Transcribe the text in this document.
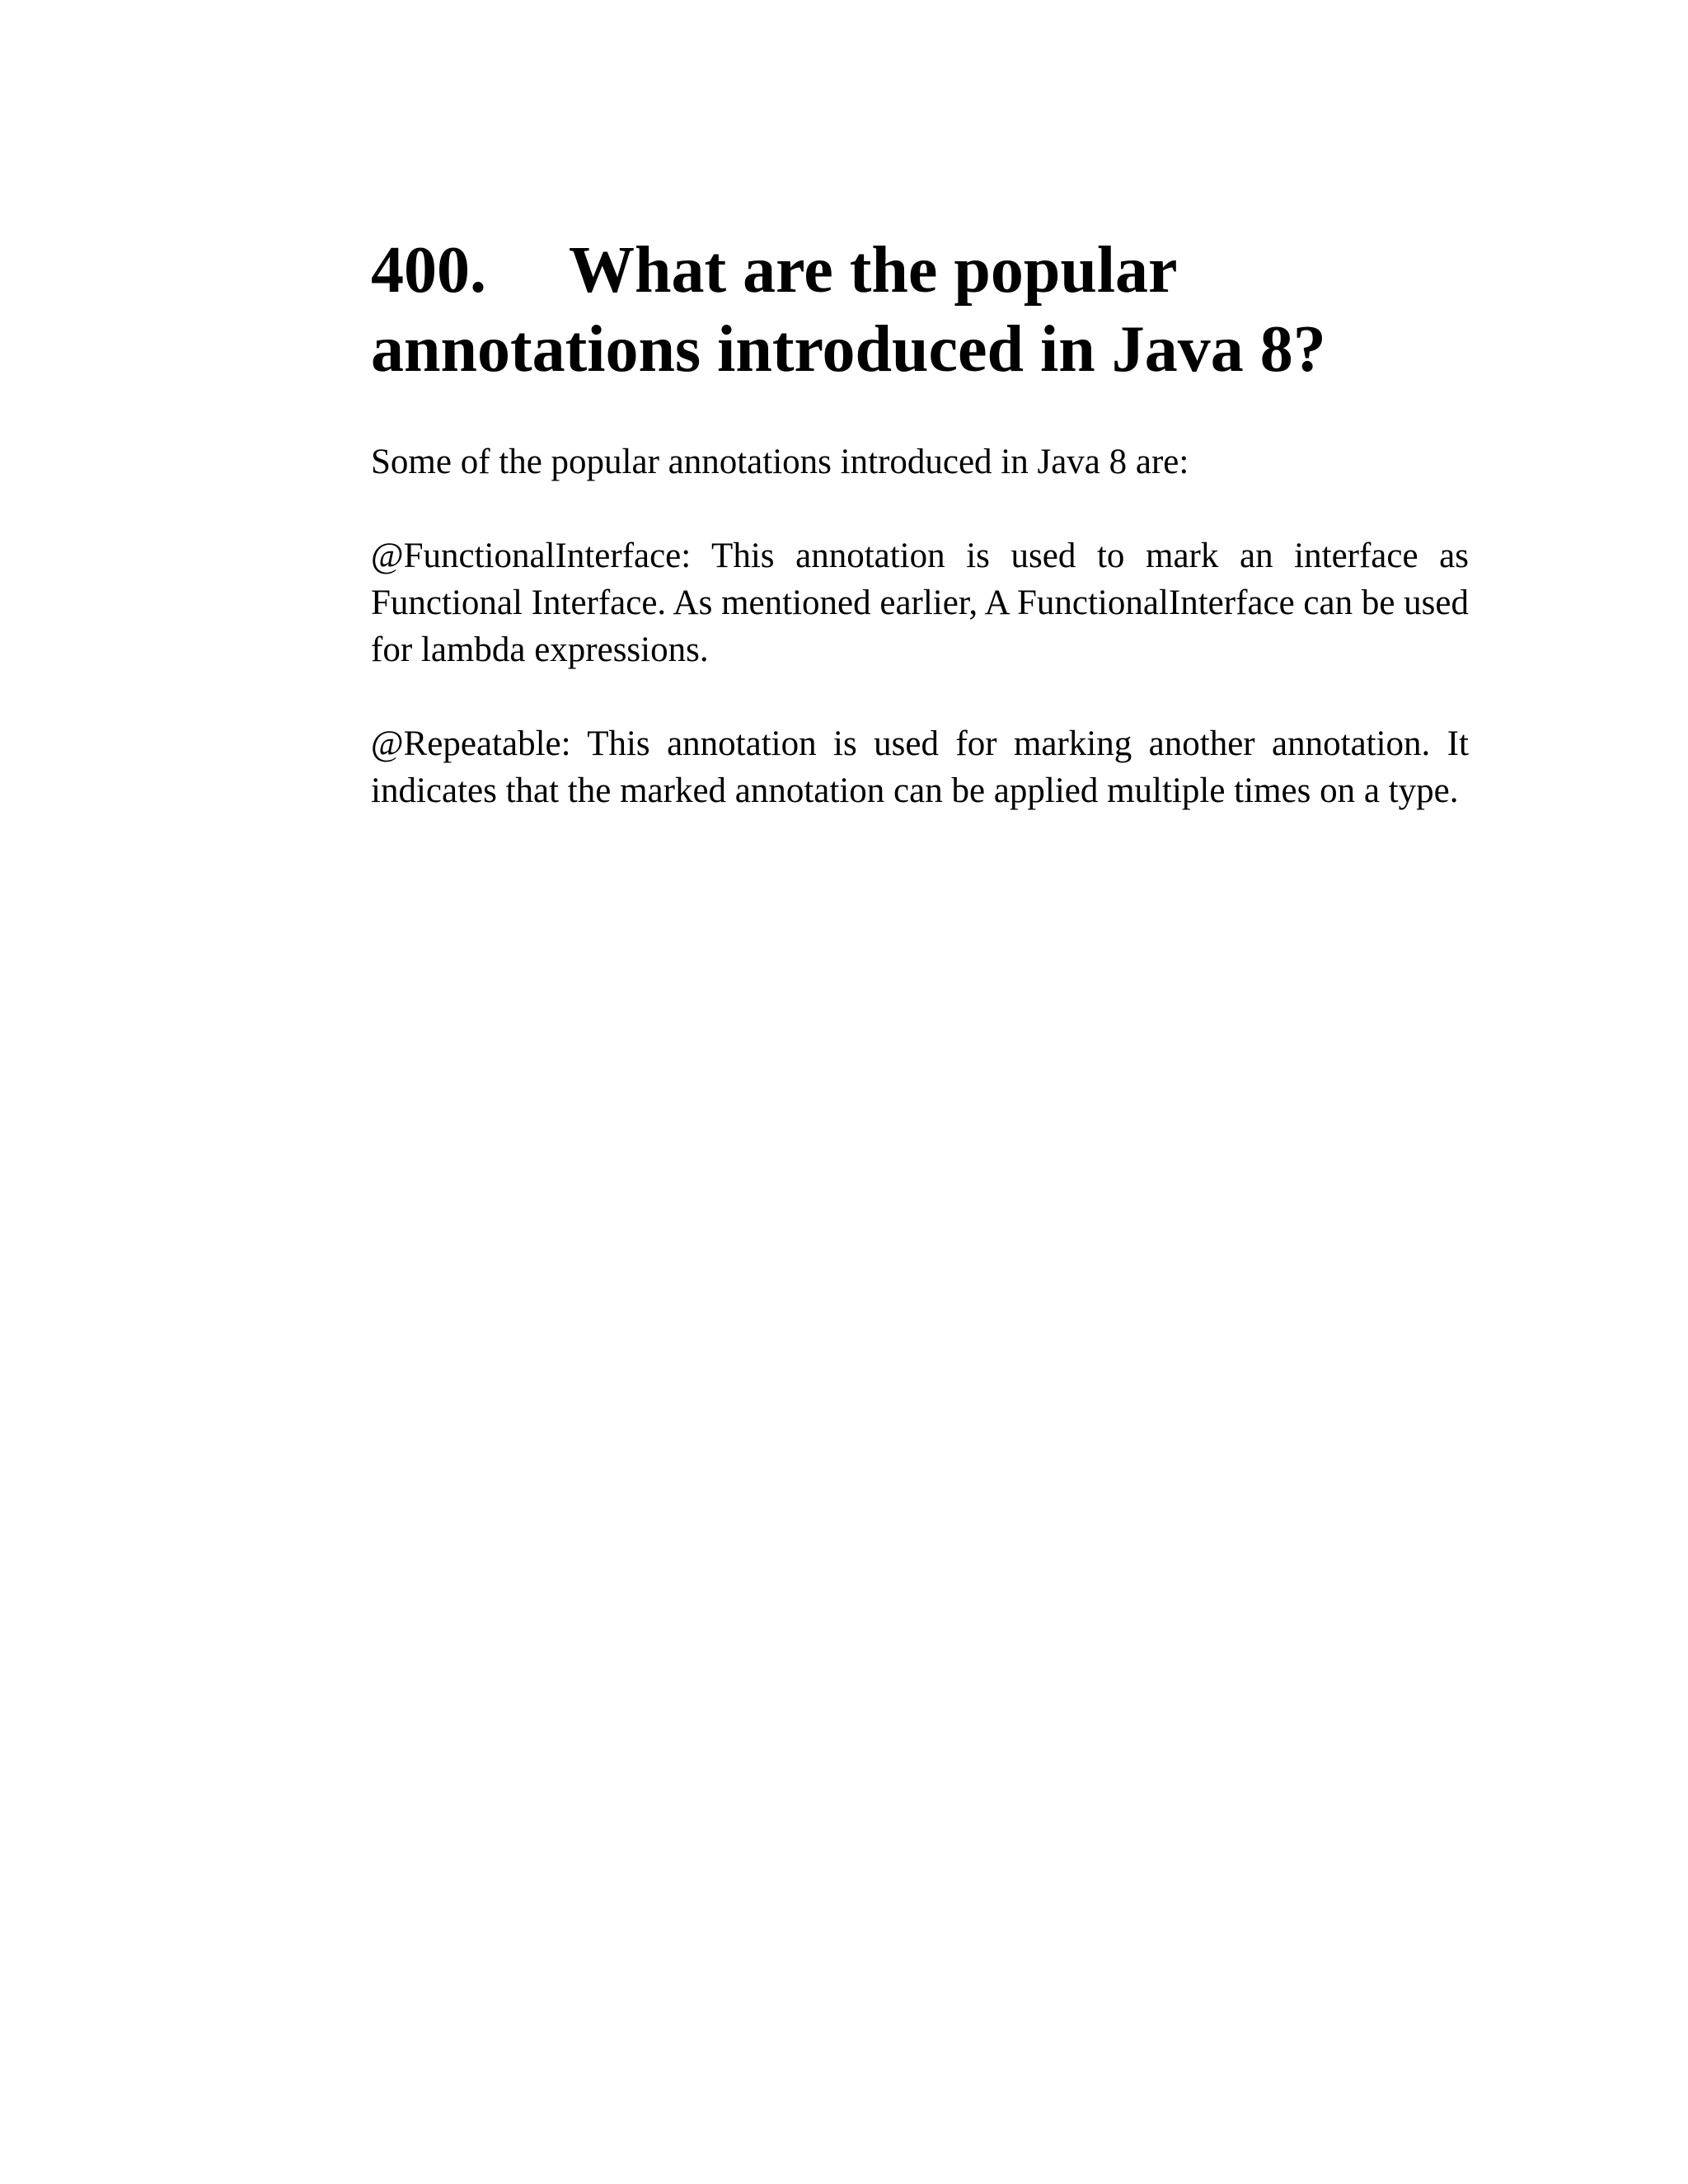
400. What are the popular
annotations introduced in Java 8?

Some of the popular annotations introduced in Java 8 are:

@FunctionalInterface: This annotation is used to mark an interface as Functional Interface. As mentioned earlier, A FunctionalInterface can be used for lambda expressions.

@Repeatable: This annotation is used for marking another annotation. It indicates that the marked annotation can be applied multiple times on a type.
